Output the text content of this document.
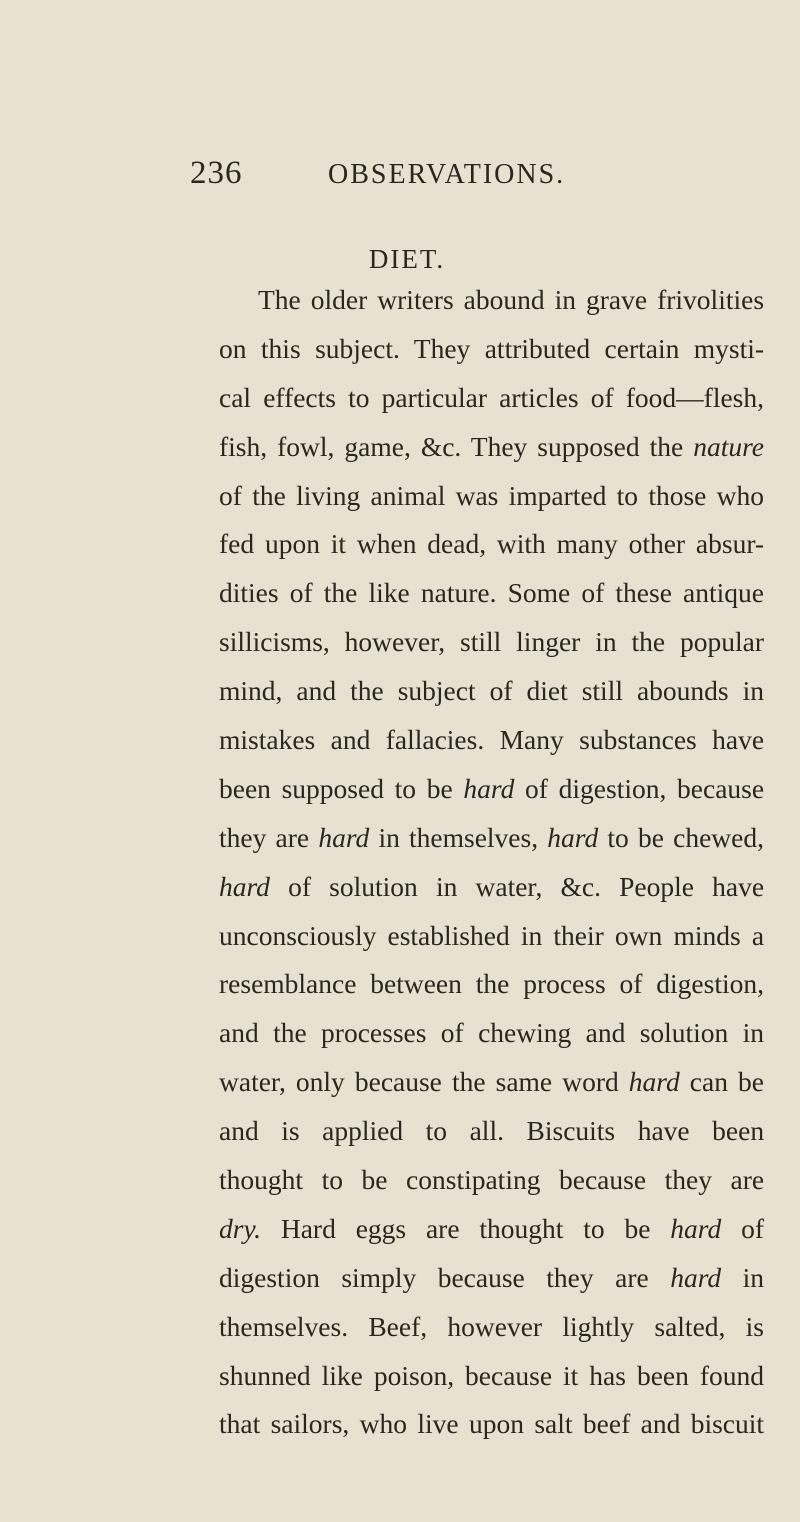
236	OBSERVATIONS.
DIET.
The older writers abound in grave frivolities
on this subject. They attributed certain mysti-
cal effects to particular articles of food—flesh,
fish, fowl, game, &c. They supposed the nature
of the living animal was imparted to those who
fed upon it when dead, with many other absur-
dities of the like nature. Some of these antique
sillicisms, however, still linger in the popular
mind, and the subject of diet still abounds in
mistakes and fallacies. Many substances have
been supposed to be hard of digestion, because
they are hard in themselves, hard to be chewed,
hard of solution in water, &c. People have
unconsciously established in their own minds a
resemblance between the process of digestion,
and the processes of chewing and solution in
water, only because the same word hard can be
and is applied to all. Biscuits have been
thought to be constipating because they are
dry. Hard eggs are thought to be hard of
digestion simply because they are hard in
themselves. Beef, however lightly salted, is
shunned like poison, because it has been found
that sailors, who live upon salt beef and biscuit
